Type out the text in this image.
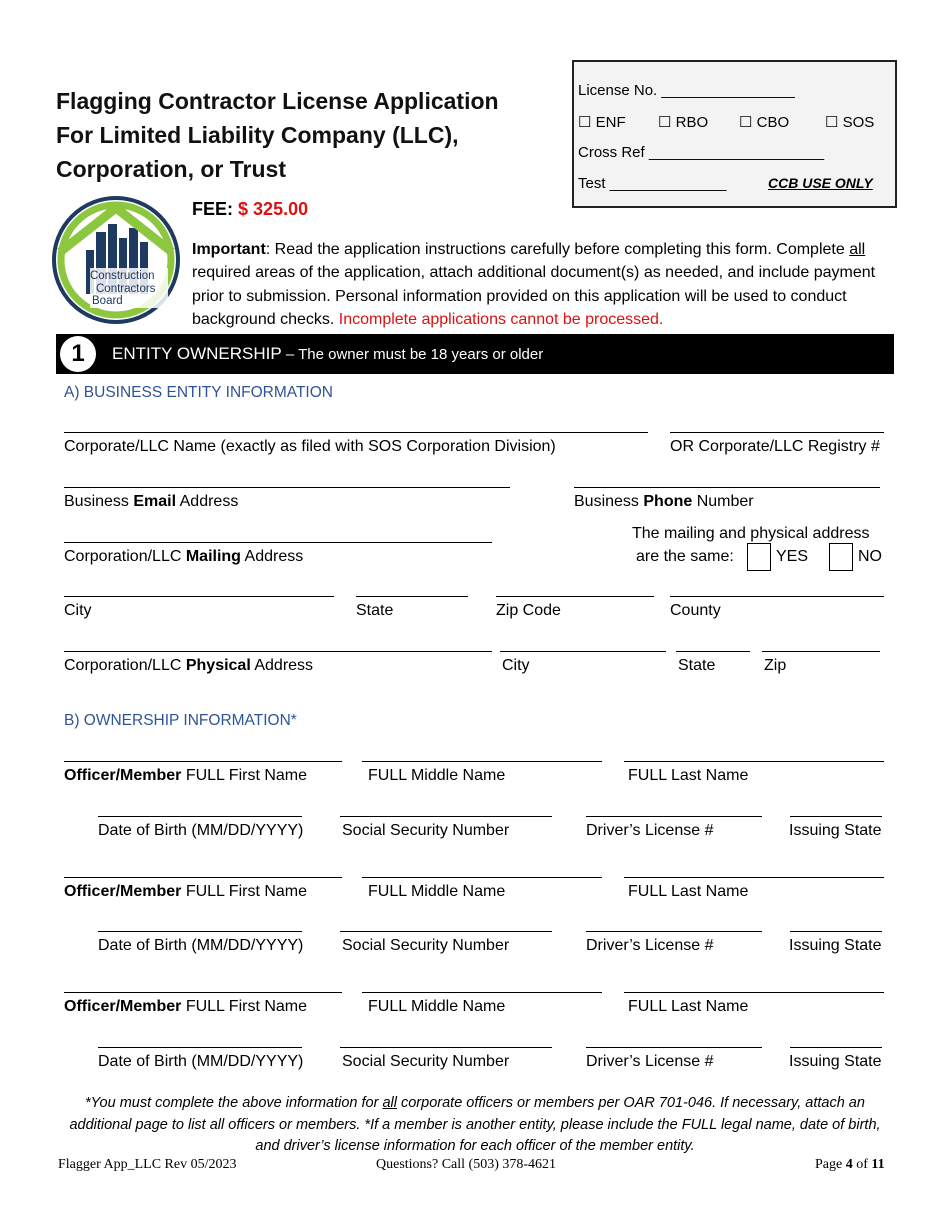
Flagging Contractor License Application
For Limited Liability Company (LLC),
Corporation, or Trust
License No. ________________
☐ ENF ☐ RBO ☐ CBO ☐ SOS
Cross Ref _____________________
Test ______________	CCB USE ONLY
Construction
Contractors
Board
FEE: $ 325.00
Important: Read the application instructions carefully before completing this form. Complete all required areas of the application, attach additional document(s) as needed, and include payment prior to submission. Personal information provided on this application will be used to conduct background checks. Incomplete applications cannot be processed.
1	ENTITY OWNERSHIP – The owner must be 18 years or older
A) BUSINESS ENTITY INFORMATION
Corporate/LLC Name (exactly as filed with SOS Corporation Division)	OR Corporate/LLC Registry #
Business Email Address	Business Phone Number
Corporation/LLC Mailing Address
The mailing and physical address
are the same:	YES	NO
City	State	Zip Code	County
Corporation/LLC Physical Address	City	State	Zip
B) OWNERSHIP INFORMATION*
Officer/Member FULL First Name	FULL Middle Name	FULL Last Name
Date of Birth (MM/DD/YYYY) Social Security Number	Driver’s License #	Issuing State
Officer/Member FULL First Name	FULL Middle Name	FULL Last Name
Date of Birth (MM/DD/YYYY) Social Security Number	Driver’s License #	Issuing State
Officer/Member FULL First Name	FULL Middle Name	FULL Last Name
Date of Birth (MM/DD/YYYY) Social Security Number	Driver’s License #	Issuing State
*You must complete the above information for all corporate officers or members per OAR 701-046. If necessary, attach an additional page to list all officers or members. *If a member is another entity, please include the FULL legal name, date of birth, and driver’s license information for each officer of the member entity.
Flagger App_LLC Rev 05/2023	Questions? Call (503) 378-4621	Page 4 of 11
